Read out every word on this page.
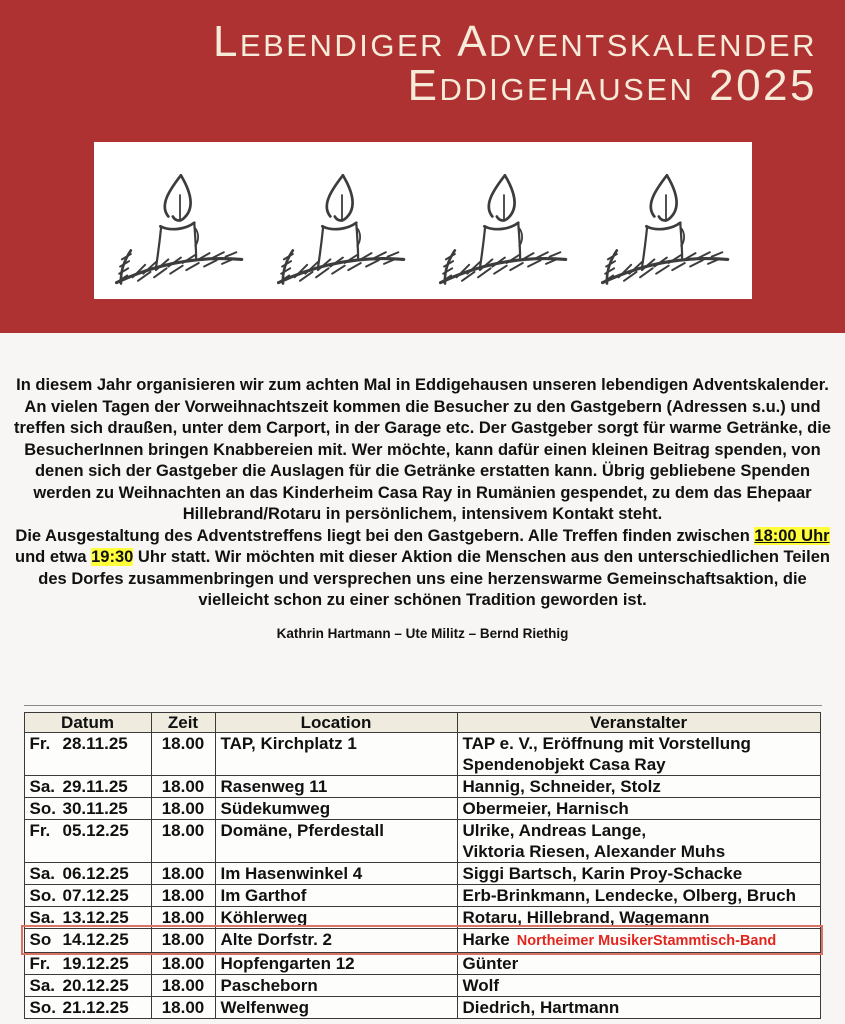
Lebendiger Adventskalender
Eddigehausen 2025
In diesem Jahr organisieren wir zum achten Mal in Eddigehausen unseren lebendigen Adventskalender. An vielen Tagen der Vorweihnachtszeit kommen die Besucher zu den Gastgebern (Adressen s.u.) und treffen sich draußen, unter dem Carport, in der Garage etc. Der Gastgeber sorgt für warme Getränke, die BesucherInnen bringen Knabbereien mit. Wer möchte, kann dafür einen kleinen Beitrag spenden, von denen sich der Gastgeber die Auslagen für die Getränke erstatten kann. Übrig gebliebene Spenden werden zu Weihnachten an das Kinderheim Casa Ray in Rumänien gespendet, zu dem das Ehepaar Hillebrand/Rotaru in persönlichem, intensivem Kontakt steht.
Die Ausgestaltung des Adventstreffens liegt bei den Gastgebern. Alle Treffen finden zwischen 18:00 Uhr und etwa 19:30 Uhr statt. Wir möchten mit dieser Aktion die Menschen aus den unterschiedlichen Teilen des Dorfes zusammenbringen und versprechen uns eine herzenswarme Gemeinschaftsaktion, die vielleicht schon zu einer schönen Tradition geworden ist.
Kathrin Hartmann – Ute Militz – Bernd Riethig
Datum	Zeit	Location	Veranstalter
Fr. 28.11.25	18.00	TAP, Kirchplatz 1	TAP e. V., Eröffnung mit Vorstellung
Spendenobjekt Casa Ray
Sa. 29.11.25	18.00	Rasenweg 11	Hannig, Schneider, Stolz
So. 30.11.25	18.00	Südekumweg	Obermeier, Harnisch
Fr. 05.12.25	18.00	Domäne, Pferdestall	Ulrike, Andreas Lange,
Viktoria Riesen, Alexander Muhs
Sa. 06.12.25	18.00	Im Hasenwinkel 4	Siggi Bartsch, Karin Proy-Schacke
So. 07.12.25	18.00	Im Garthof	Erb-Brinkmann, Lendecke, Olberg, Bruch
Sa. 13.12.25	18.00	Köhlerweg	Rotaru, Hillebrand, Wagemann
So 14.12.25	18.00	Alte Dorfstr. 2	Harke Northeimer MusikerStammtisch-Band
Fr. 19.12.25	18.00	Hopfengarten 12	Günter
Sa. 20.12.25	18.00	Pascheborn	Wolf
So. 21.12.25	18.00	Welfenweg	Diedrich, Hartmann
